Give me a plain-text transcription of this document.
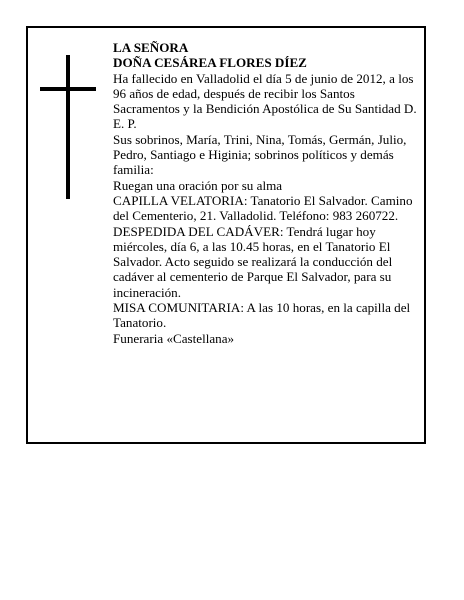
LA SEÑORA

DOÑA CESÁREA FLORES DÍEZ

Ha fallecido en Valladolid el día 5 de junio de 2012, a los 96 años de edad, después de recibir los Santos Sacramentos y la Bendición Apostólica de Su Santidad D. E. P.

Sus sobrinos, María, Trini, Nina, Tomás, Germán, Julio, Pedro, Santiago e Higinia; sobrinos políticos y demás familia:

Ruegan una oración por su alma

CAPILLA VELATORIA: Tanatorio El Salvador. Camino del Cementerio, 21. Valladolid. Teléfono: 983 260722.

DESPEDIDA DEL CADÁVER: Tendrá lugar hoy miércoles, día 6, a las 10.45 horas, en el Tanatorio El Salvador. Acto seguido se realizará la conducción del cadáver al cementerio de Parque El Salvador, para su incineración.

MISA COMUNITARIA: A las 10 horas, en la capilla del Tanatorio.

Funeraria «Castellana»
